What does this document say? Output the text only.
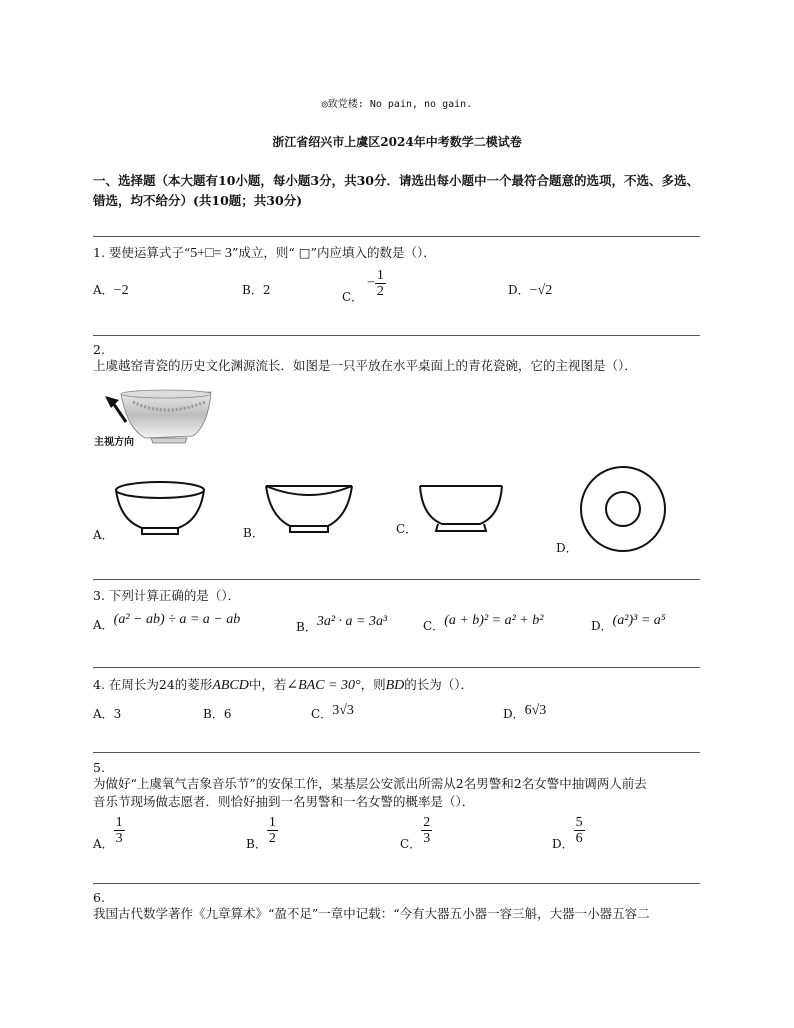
◎致党楼: No pain, no gain.
浙江省绍兴市上虞区2024年中考数学二模试卷
一、选择题（本大题有10小题，每小题3分，共30分．请选出每小题中一个最符合题意的选项，不选、多选、错选，均不给分）(共10题；共30分)
1. 要使运算式子“5+□= 3”成立，则“ □”内应填入的数是（）．
A．−2	B．2	C． − $\frac{1}{2}$	D．−√2
2.
上虞越窑青瓷的历史文化渊源流长．如图是一只平放在水平桌面上的青花瓷碗，它的主视图是（）．
主视方向
A．	B．	C．
D．
3. 下列计算正确的是（）．
A．(a² − ab) ÷ a = a − ab	B．3a² · a = 3a³	C．(a + b)² = a² + b²	D．(a²)³ = a⁵
4. 在周长为24的菱形ABCD中，若∠BAC = 30°，则BD的长为（）．
A．3	B．6	C．3√3	D．6√3
5.
为做好“上虞氧气吉象音乐节”的安保工作，某基层公安派出所需从2名男警和2名女警中抽调两人前去
音乐节现场做志愿者．则恰好抽到一名男警和一名女警的概率是（）．
A． $\frac{1}{3}$	B． $\frac{1}{2}$	C． $\frac{2}{3}$	D． $\frac{5}{6}$
6.
我国古代数学著作《九章算术》“盈不足”一章中记载：“今有大器五小器一容三斛，大器一小器五容二
